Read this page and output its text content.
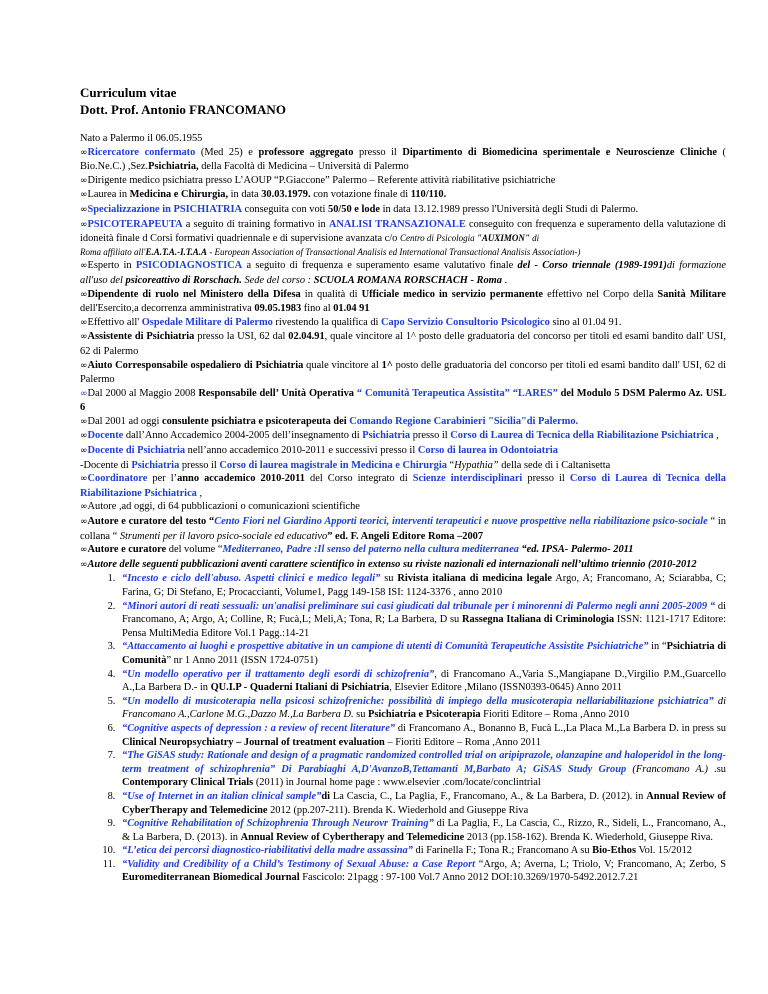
Curriculum vitae
Dott. Prof. Antonio FRANCOMANO

Nato a Palermo il 06.05.1955

∞Ricercatore confermato (Med 25) e professore aggregato presso il Dipartimento di Biomedicina sperimentale e Neuroscienze Cliniche ( Bio.Ne.C.) ,Sez.Psichiatria, della Facoltà di Medicina – Università di Palermo

∞Dirigente medico psichiatra presso L’AOUP “P.Giaccone” Palermo – Referente attività riabilitative psichiatriche

∞Laurea in Medicina e Chirurgia, in data 30.03.1979. con votazione finale di 110/110.

∞Specializzazione in PSICHIATRIA conseguita con voti 50/50 e lode in data 13.12.1989 presso l'Università degli Studi di Palermo.

∞PSICOTERAPEUTA a seguito di training formativo in ANALISI TRANSAZIONALE conseguito con frequenza e superamento della valutazione di idoneità finale d Corsi formativi quadriennale e di supervisione avanzata c/o Centro di Psicologia "AUXIMON" di

Roma affiliato all'E.A.T.A.-I.T.A.A - European Association of Transactional Analisis ed International Transactional Analisis Association-)

∞Esperto in PSICODIAGNOSTICA a seguito di frequenza e superamento esame valutativo finale del - Corso triennale (1989-1991)di formazione all'uso del psicoreattivo di Rorschach. Sede del corso : SCUOLA ROMANA RORSCHACH - Roma .

∞Dipendente di ruolo nel Ministero della Difesa in qualità di Ufficiale medico in servizio permanente effettivo nel Corpo della Sanità Militare dell'Esercito,a decorrenza amministrativa 09.05.1983 fino al 01.04 91

∞Effettivo all' Ospedale Militare di Palermo rivestendo la qualifica di Capo Servizio Consultorio Psicologico sino al 01.04 91.

∞Assistente di Psichiatria presso la USI, 62 dal 02.04.91, quale vincitore al 1^ posto delle graduatoria del concorso per titoli ed esami bandito dall' USI, 62 di Palermo

∞Aiuto Corresponsabile ospedaliero di Psichiatria quale vincitore al 1^ posto delle graduatoria del concorso per titoli ed esami bandito dall' USI, 62 di Palermo

∞Dal 2000 al Maggio 2008 Responsabile dell’ Unità Operativa “ Comunità Terapeutica Assistita” “LARES” del Modulo 5 DSM Palermo Az. USL 6

∞Dal 2001 ad oggi consulente psichiatra e psicoterapeuta dei Comando Regione Carabinieri "Sicilia"di Palermo.

∞Docente dall’Anno Accademico 2004-2005 dell’insegnamento di Psichiatria presso il Corso di Laurea di Tecnica della Riabilitazione Psichiatrica ,

∞Docente di Psichiatria nell’anno accademico 2010-2011 e successivi presso il Corso di laurea in Odontoiatria

-Docente di Psichiatria presso il Corso di laurea magistrale in Medicina e Chirurgia “Hypathia” della sede di i Caltanisetta

∞Coordinatore per l’anno accademico 2010-2011 del Corso integrato di Scienze interdisciplinari presso il Corso di Laurea di Tecnica della Riabilitazione Psichiatrica ,

∞Autore ,ad oggi, di 64 pubblicazioni o comunicazioni scientifiche

∞Autore e curatore del testo “Cento Fiori nel Giardino Apporti teorici, interventi terapeutici e nuove prospettive nella riabilitazione psico-sociale “ in collana “ Strumenti per il lavoro psico-sociale ed educativo” ed. F. Angeli Editore Roma –2007

∞Autore e curatore del volume “Mediterraneo, Padre :Il senso del paterno nella cultura mediterranea “ed. IPSA- Palermo- 2011

∞Autore delle seguenti pubblicazioni aventi carattere scientifico in extenso su riviste nazionali ed internazionali nell’ultimo triennio (2010-2012

1. “Incesto e ciclo dell'abuso. Aspetti clinici e medico legali” su Rivista italiana di medicina legale Argo, A; Francomano, A; Sciarabba, C; Farina, G; Di Stefano, E; Procaccianti, Volume1, Pagg 149-158 ISI: 1124-3376 , anno 2010
2. “Minori autori di reati sessuali: un'analisi preliminare sui casi giudicati dal tribunale per i minorenni di Palermo negli anni 2005-2009 “ di Francomano, A; Argo, A; Colline, R; Fucà,L; Meli,A; Tona, R; La Barbera, D su Rassegna Italiana di Criminologia ISSN: 1121-1717 Editore: Pensa MultiMedia Editore Vol.1 Pagg.:14-21
3. “Attaccamento ai luoghi e prospettive abitative in un campione di utenti di Comunità Terapeutiche Assistite Psichiatriche” in “Psichiatria di Comunità” nr 1 Anno 2011 (ISSN 1724-0751)
4. “Un modello operativo per il trattamento degli esordi di schizofrenia”, di Francomano A.,Varia S.,Mangiapane D.,Virgilio P.M.,Guarcello A.,La Barbera D.- in QU.I.P - Quaderni Italiani di Psichiatria, Elsevier Editore ,Milano (ISSN0393-0645) Anno 2011
5. “Un modello di musicoterapia nella psicosi schizofreniche: possibilità di impiego della musicoterapia nellariabilitazione psichiatrica” di Francomano A.,Carlone M.G.,Dazzo M.,La Barbera D. su Psichiatria e Psicoterapia Fioriti Editore – Roma ,Anno 2010
6. “Cognitive aspects of depression : a review of recent literature” di Francomano A., Bonanno B, Fucà L.,La Placa M.,La Barbera D. in press su Clinical Neuropsychiatry – Journal of treatment evaluation – Fioriti Editore – Roma ,Anno 2011
7. “The GiSAS study: Rationale and design of a pragmatic randomized controlled trial on aripiprazole, olanzapine and haloperidol in the long-term treatment of schizophrenia” Di Parabiaghi A,D'AvanzoB,Tettamanti M,Barbato A; GiSAS Study Group (Francomano A.) .su Contemporary Clinical Trials (2011) in Journal home page : www.elsevier .com/locate/conclintrial
8. “Use of Internet in an italian clinical sample”di La Cascia, C., La Paglia, F., Francomano, A., & La Barbera, D. (2012). in Annual Review of CyberTherapy and Telemedicine 2012 (pp.207-211). Brenda K. Wiederhold and Giuseppe Riva
9. “Cognitive Rehabilitation of Schizophrenia Through Neurovr Training” di La Paglia, F., La Cascia, C., Rizzo, R., Sideli, L., Francomano, A., & La Barbera, D. (2013). in Annual Review of Cybertherapy and Telemedicine 2013 (pp.158-162). Brenda K. Wiederhold, Giuseppe Riva.
10. “L’etica dei percorsi diagnostico-riabilitativi della madre assassina” di Farinella F.; Tona R.; Francomano A su Bio-Ethos Vol. 15/2012
11. “Validity and Credibility of a Child’s Testimony of Sexual Abuse: a Case Report “Argo, A; Averna, L; Triolo, V; Francomano, A; Zerbo, S Euromediterranean Biomedical Journal Fascicolo: 21pagg : 97-100 Vol.7 Anno 2012 DOI:10.3269/1970-5492.2012.7.21
